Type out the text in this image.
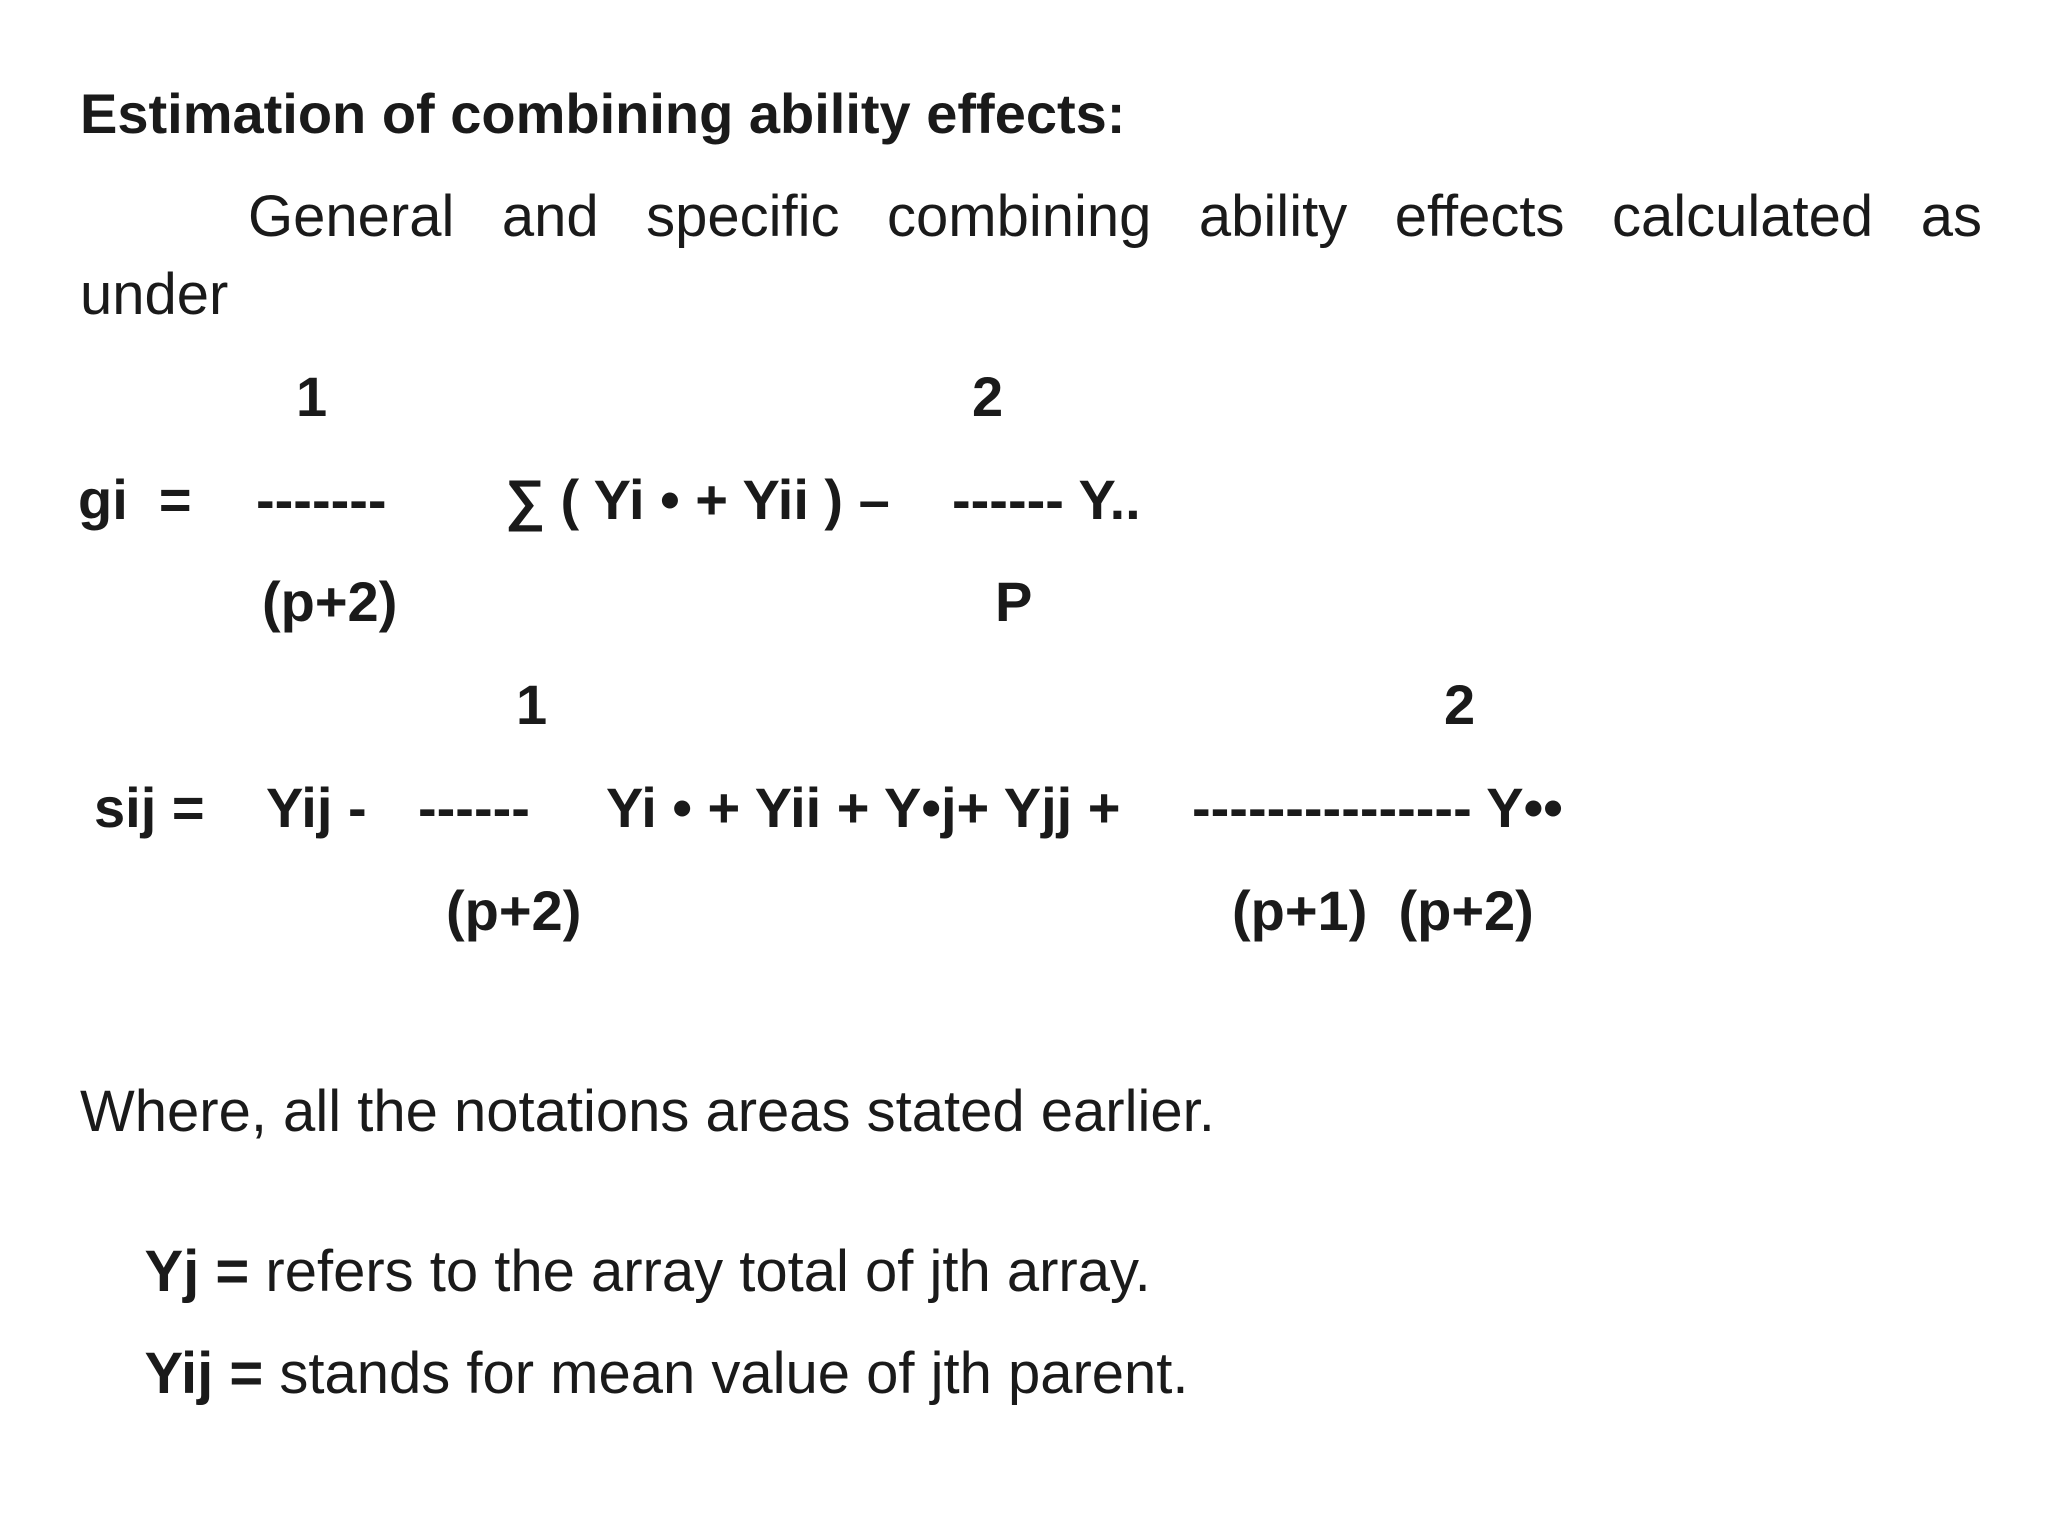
Estimation of combining ability effects:
General and specific combining ability effects calculated as
under
1	2
gi  = ------- ∑ ( Yi • + Yii ) – ------ Y..
(p+2)	P
1	2
sij = Yij - ------ Yi • + Yii + Y•j+ Yjj + --------------- Y••
(p+2)	(p+1)  (p+2)
Where, all the notations areas stated earlier.

Yj = refers to the array total of jth array.

Yij = stands for mean value of jth parent.
